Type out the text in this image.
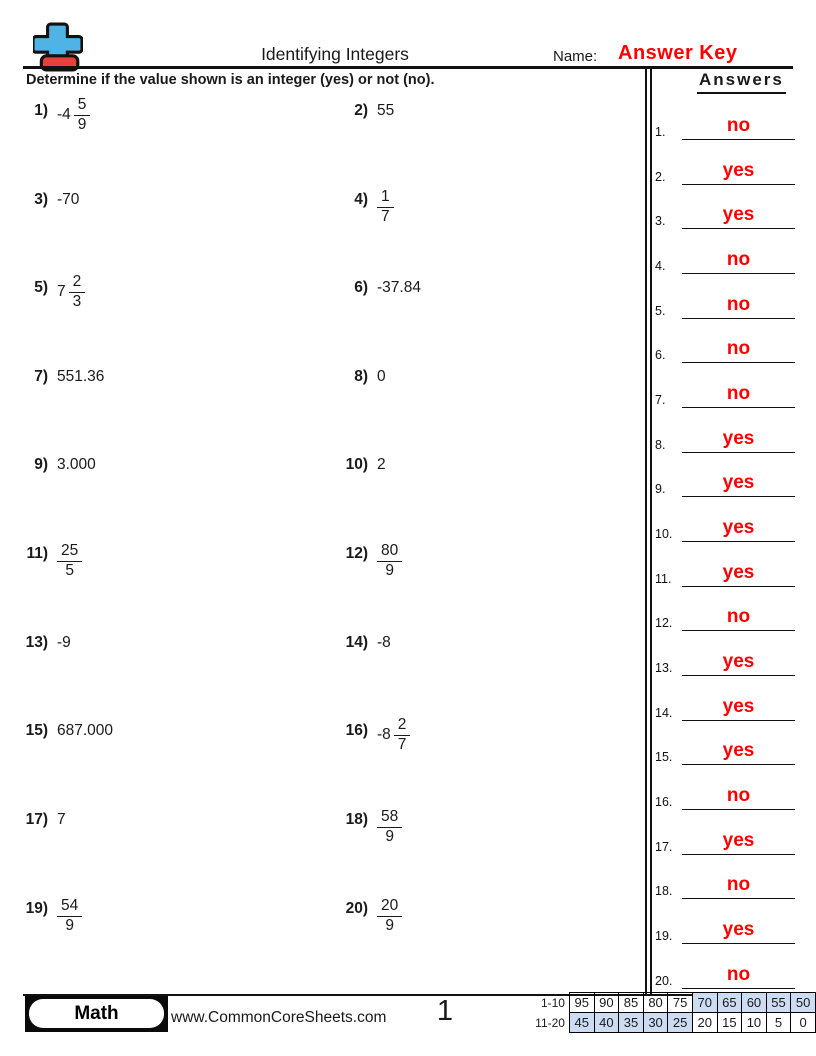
Identifying Integers	Name: Answer Key
Determine if the value shown is an integer (yes) or not (no).
1) $-4 \frac{5}{9}$	2) 55
3) -70	$4) \frac{1}{7}$
5) $7 \frac{2}{3}$	6) -37.84
7) 551.36	8) 0
9) 3.000	10) 2
$11) \frac{25}{5}$	$12) \frac{80}{9}$
13) -9	14) -8
15) 687.000	16) $-8 \frac{2}{7}$
17) 7	$18) \frac{58}{9}$
$19) \frac{54}{9}$	$20) \frac{20}{9}$
Answers
1.	no
2.	yes
3.	yes
4.	no
5.	no
6.	no
7.	no
8.	yes
9.	yes
10.	yes
11.	yes
12.	no
13.	yes
14.	yes
15.	yes
16.	no
17.	yes
18.	no
19.	yes
20.	no
Math	www.CommonCoreSheets.com	1	1-10	95	90	85	80	75	70	65	60	55	50
11-20	45	40	35	30	25	20	15	10	5	0
